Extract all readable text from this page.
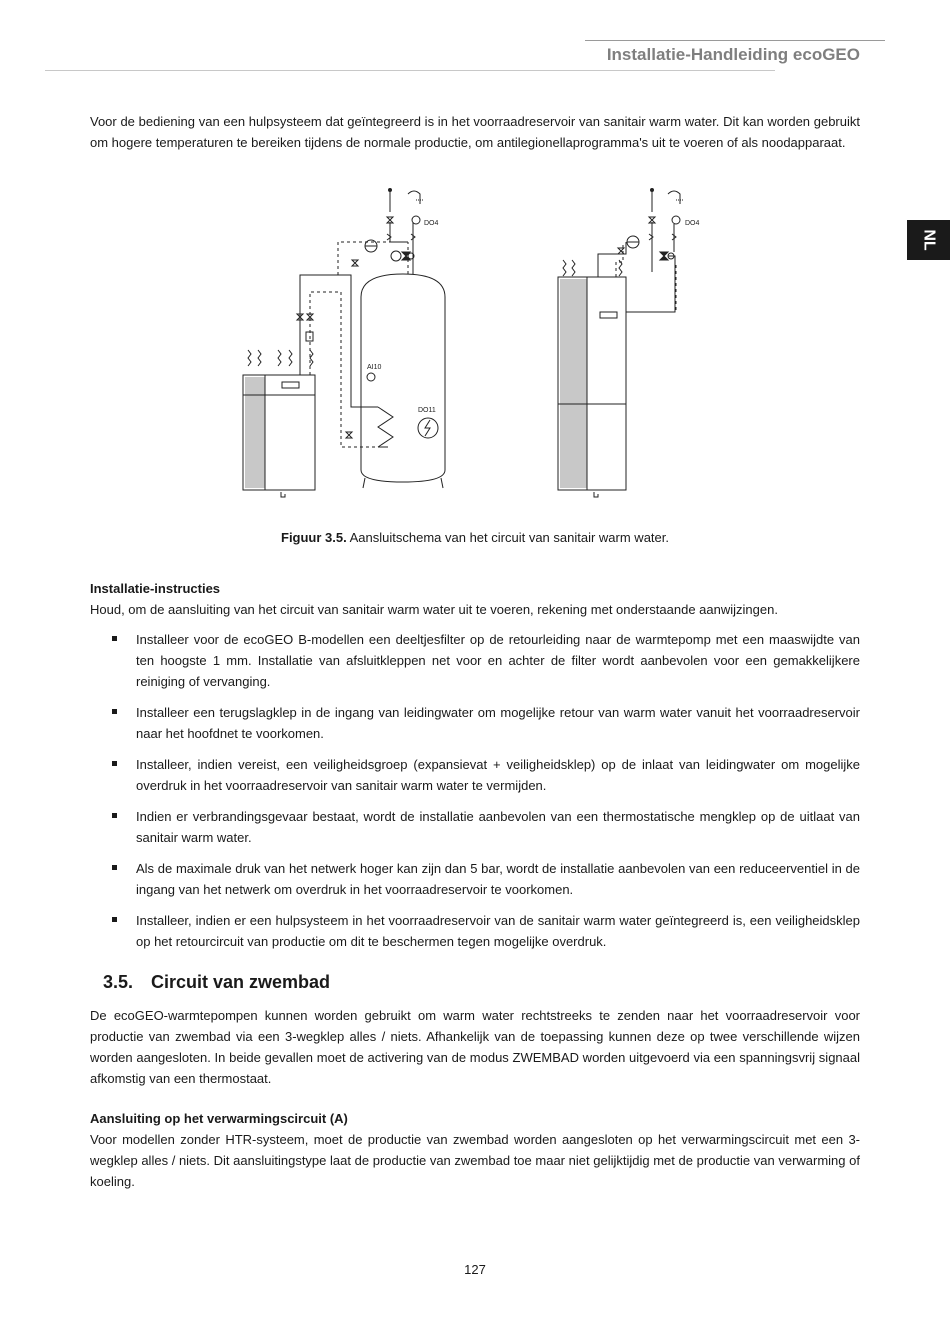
Installatie-Handleiding ecoGEO
NL

Voor de bediening van een hulpsysteem dat geïntegreerd is in het voorraadreservoir van sanitair warm water. Dit kan worden gebruikt om hogere temperaturen te bereiken tijdens de normale productie, om antilegionellaprogramma's uit te voeren of als noodapparaat.

DO4
AI10
DO11
DO4
Figuur 3.5. Aansluitschema van het circuit van sanitair warm water.

Installatie-instructies

Houd, om de aansluiting van het circuit van sanitair warm water uit te voeren, rekening met onderstaande aanwijzingen.

Installeer voor de ecoGEO B-modellen een deeltjesfilter op de retourleiding naar de warmtepomp met een maaswijdte van ten hoogste 1 mm. Installatie van afsluitkleppen net voor en achter de filter wordt aanbevolen voor een gemakkelijkere reiniging of vervanging.
Installeer een terugslagklep in de ingang van leidingwater om mogelijke retour van warm water vanuit het voorraadreservoir naar het hoofdnet te voorkomen.
Installeer, indien vereist, een veiligheidsgroep (expansievat + veiligheidsklep) op de inlaat van leidingwater om mogelijke overdruk in het voorraadreservoir van sanitair warm water te vermijden.
Indien er verbrandingsgevaar bestaat, wordt de installatie aanbevolen van een thermostatische mengklep op de uitlaat van sanitair warm water.
Als de maximale druk van het netwerk hoger kan zijn dan 5 bar, wordt de installatie aanbevolen van een reduceerventiel in de ingang van het netwerk om overdruk in het voorraadreservoir te voorkomen.
Installeer, indien er een hulpsysteem in het voorraadreservoir van de sanitair warm water geïntegreerd is, een veiligheidsklep op het retourcircuit van productie om dit te beschermen tegen mogelijke overdruk.
3.5. Circuit van zwembad

De ecoGEO-warmtepompen kunnen worden gebruikt om warm water rechtstreeks te zenden naar het voorraadreservoir voor productie van zwembad via een 3-wegklep alles / niets. Afhankelijk van de toepassing kunnen deze op twee verschillende wijzen worden aangesloten. In beide gevallen moet de activering van de modus ZWEMBAD worden uitgevoerd via een spanningsvrij signaal afkomstig van een thermostaat.

Aansluiting op het verwarmingscircuit (A)

Voor modellen zonder HTR-systeem, moet de productie van zwembad worden aangesloten op het verwarmingscircuit met een 3-wegklep alles / niets. Dit aansluitingstype laat de productie van zwembad toe maar niet gelijktijdig met de productie van verwarming of koeling.

127
